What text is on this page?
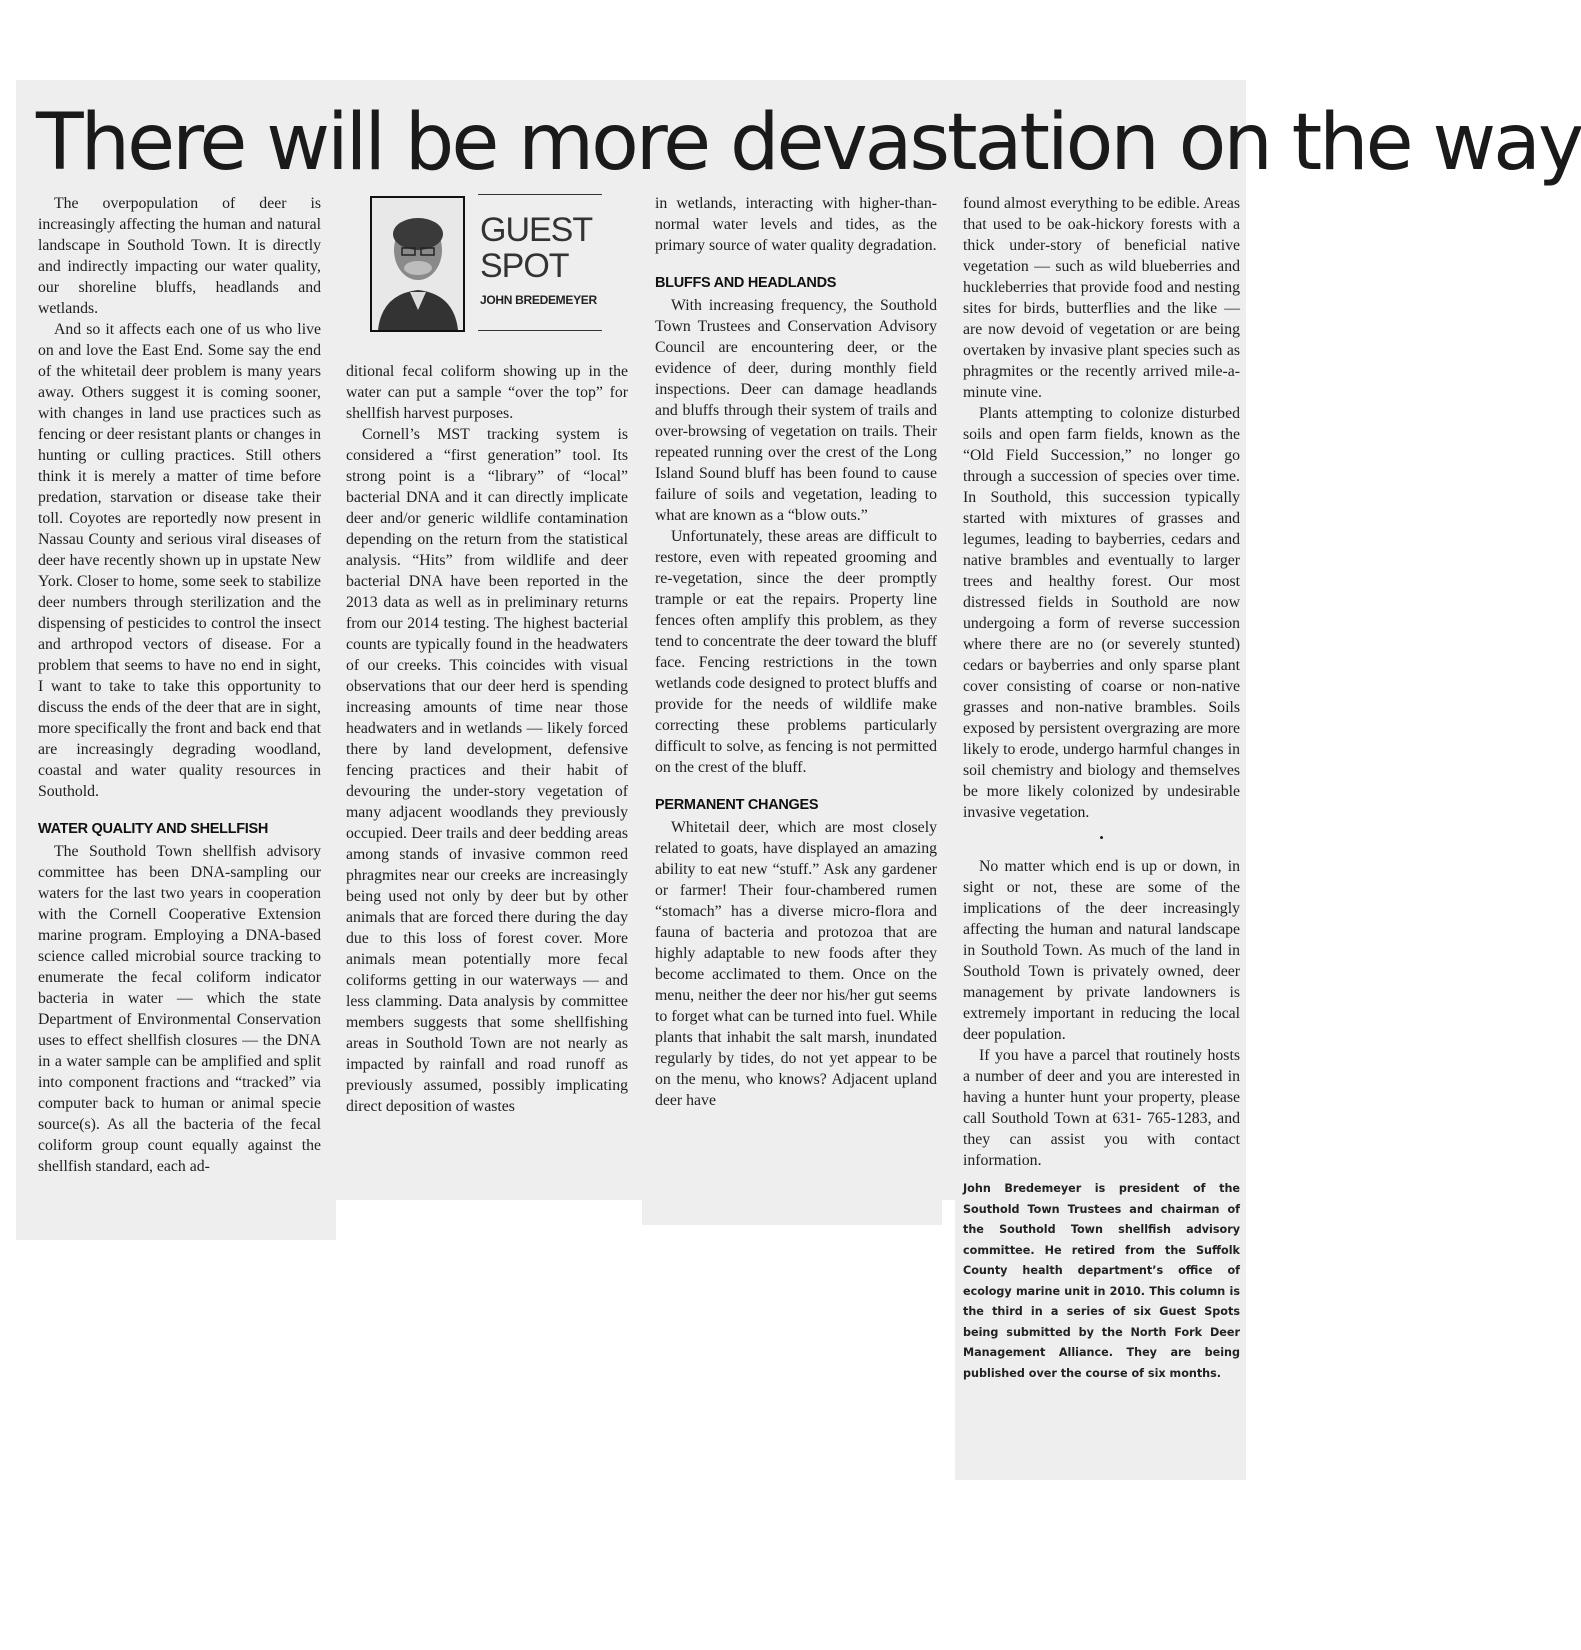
There will be more devastation on the way

The overpopulation of deer is increasingly affecting the human and natural landscape in Southold Town. It is directly and indirectly impacting our water quality, our shoreline bluffs, headlands and wetlands.

And so it affects each one of us who live on and love the East End. Some say the end of the whitetail deer problem is many years away. Others suggest it is coming sooner, with changes in land use practices such as fencing or deer resistant plants or changes in hunting or culling practices. Still others think it is merely a matter of time before predation, starvation or disease take their toll. Coyotes are reportedly now present in Nassau County and serious viral diseases of deer have recently shown up in upstate New York. Closer to home, some seek to stabilize deer numbers through sterilization and the dispensing of pesticides to control the insect and arthropod vectors of disease. For a problem that seems to have no end in sight, I want to take to take this opportunity to discuss the ends of the deer that are in sight, more specifically the front and back end that are increasingly degrading woodland, coastal and water quality resources in Southold.

WATER QUALITY AND SHELLFISH

The Southold Town shellfish advisory committee has been DNA-sampling our waters for the last two years in cooperation with the Cornell Cooperative Extension marine program. Employing a DNA-based science called microbial source tracking to enumerate the fecal coliform indicator bacteria in water — which the state Department of Environmental Conservation uses to effect shellfish closures — the DNA in a water sample can be amplified and split into component fractions and “tracked” via computer back to human or animal specie source(s). As all the bacteria of the fecal coliform group count equally against the shellfish standard, each ad-

GUEST
SPOT
JOHN BREDEMEYER

ditional fecal coliform showing up in the water can put a sample “over the top” for shellfish harvest purposes.

Cornell’s MST tracking system is considered a “first generation” tool. Its strong point is a “library” of “local” bacterial DNA and it can directly implicate deer and/or generic wildlife contamination depending on the return from the statistical analysis. “Hits” from wildlife and deer bacterial DNA have been reported in the 2013 data as well as in preliminary returns from our 2014 testing. The highest bacterial counts are typically found in the headwaters of our creeks. This coincides with visual observations that our deer herd is spending increasing amounts of time near those headwaters and in wetlands — likely forced there by land development, defensive fencing practices and their habit of devouring the under-story vegetation of many adjacent woodlands they previously occupied. Deer trails and deer bedding areas among stands of invasive common reed phragmites near our creeks are increasingly being used not only by deer but by other animals that are forced there during the day due to this loss of forest cover. More animals mean potentially more fecal coliforms getting in our waterways — and less clamming. Data analysis by committee members suggests that some shellfishing areas in Southold Town are not nearly as impacted by rainfall and road runoff as previously assumed, possibly implicating direct deposition of wastes

in wetlands, interacting with higher-than-normal water levels and tides, as the primary source of water quality degradation.

BLUFFS AND HEADLANDS

With increasing frequency, the Southold Town Trustees and Conservation Advisory Council are encountering deer, or the evidence of deer, during monthly field inspections. Deer can damage headlands and bluffs through their system of trails and over-browsing of vegetation on trails. Their repeated running over the crest of the Long Island Sound bluff has been found to cause failure of soils and vegetation, leading to what are known as a “blow outs.”

Unfortunately, these areas are difficult to restore, even with repeated grooming and re-vegetation, since the deer promptly trample or eat the repairs. Property line fences often amplify this problem, as they tend to concentrate the deer toward the bluff face. Fencing restrictions in the town wetlands code designed to protect bluffs and provide for the needs of wildlife make correcting these problems particularly difficult to solve, as fencing is not permitted on the crest of the bluff.

PERMANENT CHANGES

Whitetail deer, which are most closely related to goats, have displayed an amazing ability to eat new “stuff.” Ask any gardener or farmer! Their four-chambered rumen “stomach” has a diverse micro-flora and fauna of bacteria and protozoa that are highly adaptable to new foods after they become acclimated to them. Once on the menu, neither the deer nor his/her gut seems to forget what can be turned into fuel. While plants that inhabit the salt marsh, inundated regularly by tides, do not yet appear to be on the menu, who knows? Adjacent upland deer have

found almost everything to be edible. Areas that used to be oak-hickory forests with a thick under-story of beneficial native vegetation — such as wild blueberries and huckleberries that provide food and nesting sites for birds, butterflies and the like — are now devoid of vegetation or are being overtaken by invasive plant species such as phragmites or the recently arrived mile-a-minute vine.

Plants attempting to colonize disturbed soils and open farm fields, known as the “Old Field Succession,” no longer go through a succession of species over time. In Southold, this succession typically started with mixtures of grasses and legumes, leading to bayberries, cedars and native brambles and eventually to larger trees and healthy forest. Our most distressed fields in Southold are now undergoing a form of reverse succession where there are no (or severely stunted) cedars or bayberries and only sparse plant cover consisting of coarse or non-native grasses and non-native brambles. Soils exposed by persistent overgrazing are more likely to erode, undergo harmful changes in soil chemistry and biology and themselves be more likely colonized by undesirable invasive vegetation.

•

No matter which end is up or down, in sight or not, these are some of the implications of the deer increasingly affecting the human and natural landscape in Southold Town. As much of the land in Southold Town is privately owned, deer management by private landowners is extremely important in reducing the local deer population.

If you have a parcel that routinely hosts a number of deer and you are interested in having a hunter hunt your property, please call Southold Town at 631- 765-1283, and they can assist you with contact information.

John Bredemeyer is president of the Southold Town Trustees and chairman of the Southold Town shellfish advisory committee. He retired from the Suffolk County health department’s office of ecology marine unit in 2010. This column is the third in a series of six Guest Spots being submitted by the North Fork Deer Management Alliance. They are being published over the course of six months.
